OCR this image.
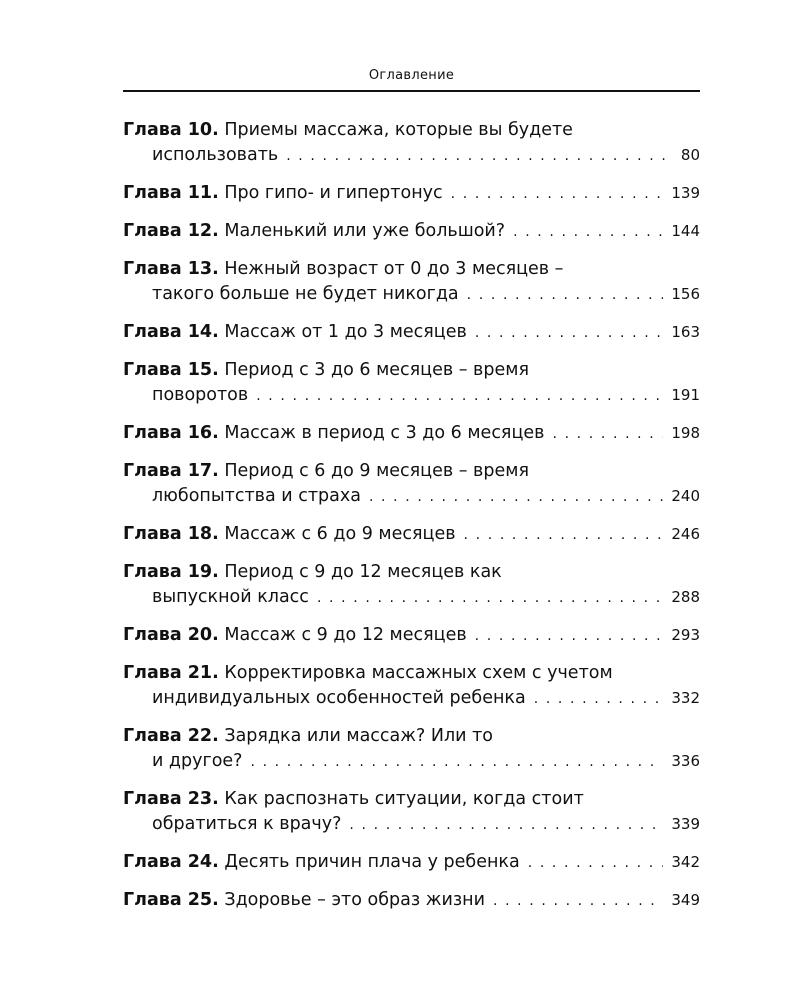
Оглавление
Глава 10.
Приемы массажа, которые вы будете
использовать . . .	80
Глава 11.
Про гипо- и гипертонус . . .	139
Глава 12.
Маленький или уже большой? . . .	144
Глава 13.
Нежный возраст от 0 до 3 месяцев –
такого больше не будет никогда . . .	156
Глава 14.
Массаж от 1 до 3 месяцев . . .	163
Глава 15.
Период с 3 до 6 месяцев – время
поворотов . . .	191
Глава 16.
Массаж в период с 3 до 6 месяцев . . .	198
Глава 17.
Период с 6 до 9 месяцев – время
любопытства и страха . . .	240
Глава 18.
Массаж с 6 до 9 месяцев . . .	246
Глава 19.
Период с 9 до 12 месяцев как
выпускной класс . . .	288
Глава 20.
Массаж с 9 до 12 месяцев . . .	293
Глава 21.
Корректировка массажных схем с учетом
индивидуальных особенностей ребенка . . .	332
Глава 22.
Зарядка или массаж? Или то
и другое? . . .	336
Глава 23.
Как распознать ситуации, когда стоит
обратиться к врачу? . . .	339
Глава 24.
Десять причин плача у ребенка . . .	342
Глава 25.
Здоровье – это образ жизни . . .	349
